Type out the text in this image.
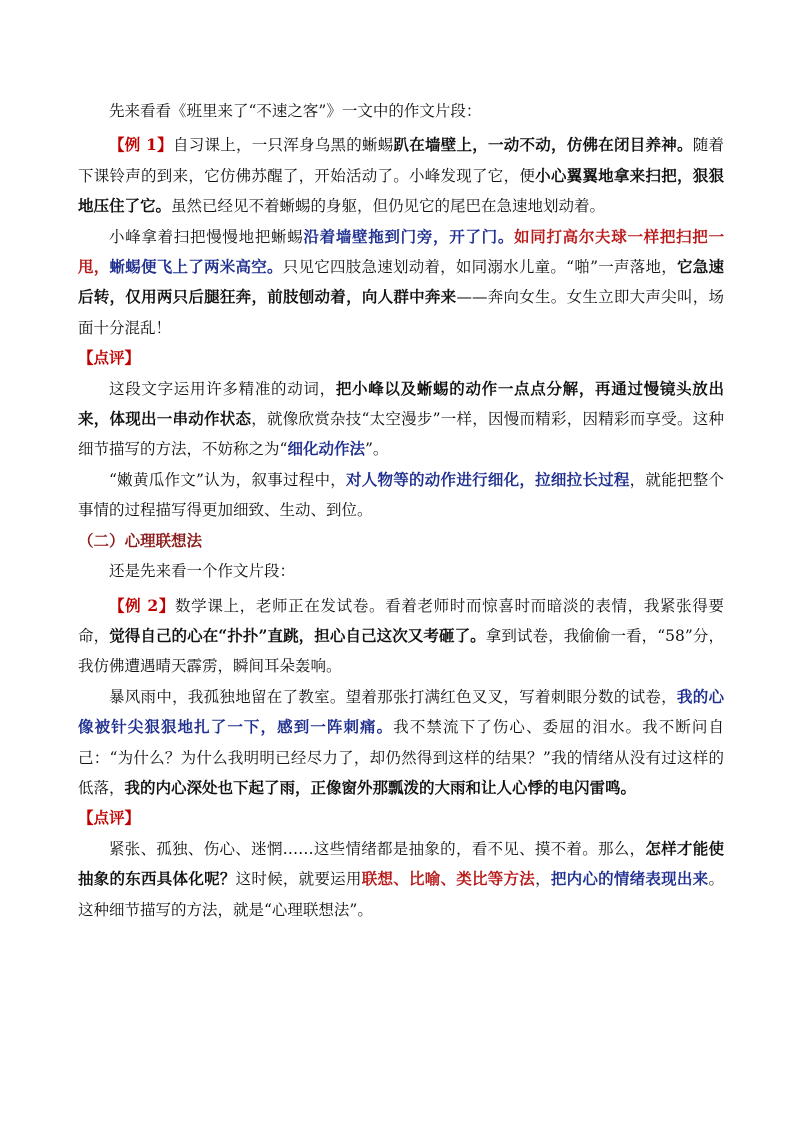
先来看看《班里来了“不速之客”》一文中的作文片段：

【例 1】自习课上，一只浑身乌黑的蜥蜴趴在墙壁上，一动不动，仿佛在闭目养神。随着下课铃声的到来，它仿佛苏醒了，开始活动了。小峰发现了它，便小心翼翼地拿来扫把，狠狠地压住了它。虽然已经见不着蜥蜴的身躯，但仍见它的尾巴在急速地划动着。

小峰拿着扫把慢慢地把蜥蜴沿着墙壁拖到门旁，开了门。如同打高尔夫球一样把扫把一甩，蜥蜴便飞上了两米高空。只见它四肢急速划动着，如同溺水儿童。“啪”一声落地，它急速后转，仅用两只后腿狂奔，前肢刨动着，向人群中奔来——奔向女生。女生立即大声尖叫，场面十分混乱！

【点评】

这段文字运用许多精准的动词，把小峰以及蜥蜴的动作一点点分解，再通过慢镜头放出来，体现出一串动作状态，就像欣赏杂技“太空漫步”一样，因慢而精彩，因精彩而享受。这种细节描写的方法，不妨称之为“细化动作法”。

“嫩黄瓜作文”认为，叙事过程中，对人物等的动作进行细化，拉细拉长过程，就能把整个事情的过程描写得更加细致、生动、到位。

（二）心理联想法

还是先来看一个作文片段：

【例 2】数学课上，老师正在发试卷。看着老师时而惊喜时而暗淡的表情，我紧张得要命，觉得自己的心在“扑扑”直跳，担心自己这次又考砸了。拿到试卷，我偷偷一看，“58”分，我仿佛遭遇晴天霹雳，瞬间耳朵轰响。

暴风雨中，我孤独地留在了教室。望着那张打满红色叉叉，写着刺眼分数的试卷，我的心像被针尖狠狠地扎了一下，感到一阵刺痛。我不禁流下了伤心、委屈的泪水。我不断问自己：“为什么？为什么我明明已经尽力了，却仍然得到这样的结果？”我的情绪从没有过这样的低落，我的内心深处也下起了雨，正像窗外那瓢泼的大雨和让人心悸的电闪雷鸣。

【点评】

紧张、孤独、伤心、迷惘……这些情绪都是抽象的，看不见、摸不着。那么，怎样才能使抽象的东西具体化呢？这时候，就要运用联想、比喻、类比等方法，把内心的情绪表现出来。这种细节描写的方法，就是“心理联想法”。
